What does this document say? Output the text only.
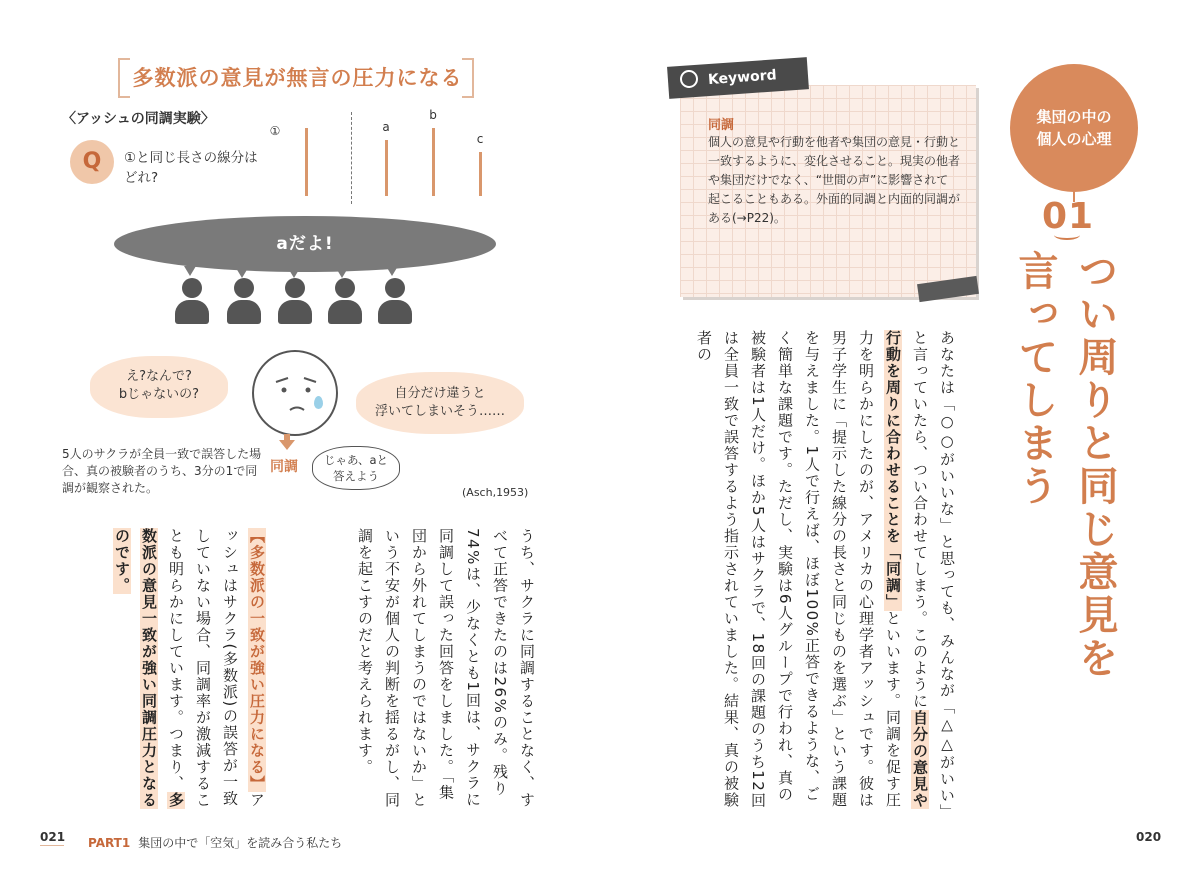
多数派の意見が無言の圧力になる
〈アッシュの同調実験〉
Q	①と同じ長さの線分はどれ?
①	a
b
c
aだよ!
え?なんで?
bじゃないの?	自分だけ違うと
浮いてしまいそう……
5人のサクラが全員一致で誤答した場合、真の被験者のうち、3分の1で同調が観察された。
同調	じゃあ、aと
答えよう
(Asch,1953)
うち、サクラに同調することなく、すべて正答できたのは26%のみ。残り74%は、少なくとも1回は、サクラに同調して誤った回答をしました。「集団から外れてしまうのではないか」という不安が個人の判断を揺るがし、同調を起こすのだと考えられます。
【多数派の一致が強い圧力になる】アッシュはサクラ(多数派)の誤答が一致していない場合、同調率が激減することも明らかにしています。つまり、多数派の意見一致が強い同調圧力となるのです。
Keyword
同調
個人の意見や行動を他者や集団の意見・行動と一致するように、変化させること。現実の他者や集団だけでなく、“世間の声”に影響されて起こることもある。外面的同調と内面的同調がある(→P22)。
集団の中の
個人の心理
01
つい周りと同じ意見を
言ってしまう
あなたは「○○がいいな」と思っても、みんなが「△△がいい」と言っていたら、つい合わせてしまう。このように自分の意見や行動を周りに合わせることを「同調」といいます。同調を促す圧力を明らかにしたのが、アメリカの心理学者アッシュです。彼は男子学生に「提示した線分の長さと同じものを選ぶ」という課題を与えました。1人で行えば、ほぼ100%正答できるような、ごく簡単な課題です。ただし、実験は6人グループで行われ、真の被験者は1人だけ。ほか5人はサクラで、18回の課題のうち12回は全員一致で誤答するよう指示されていました。結果、真の被験者の
021 PART1 集団の中で「空気」を読み合う私たち	020
